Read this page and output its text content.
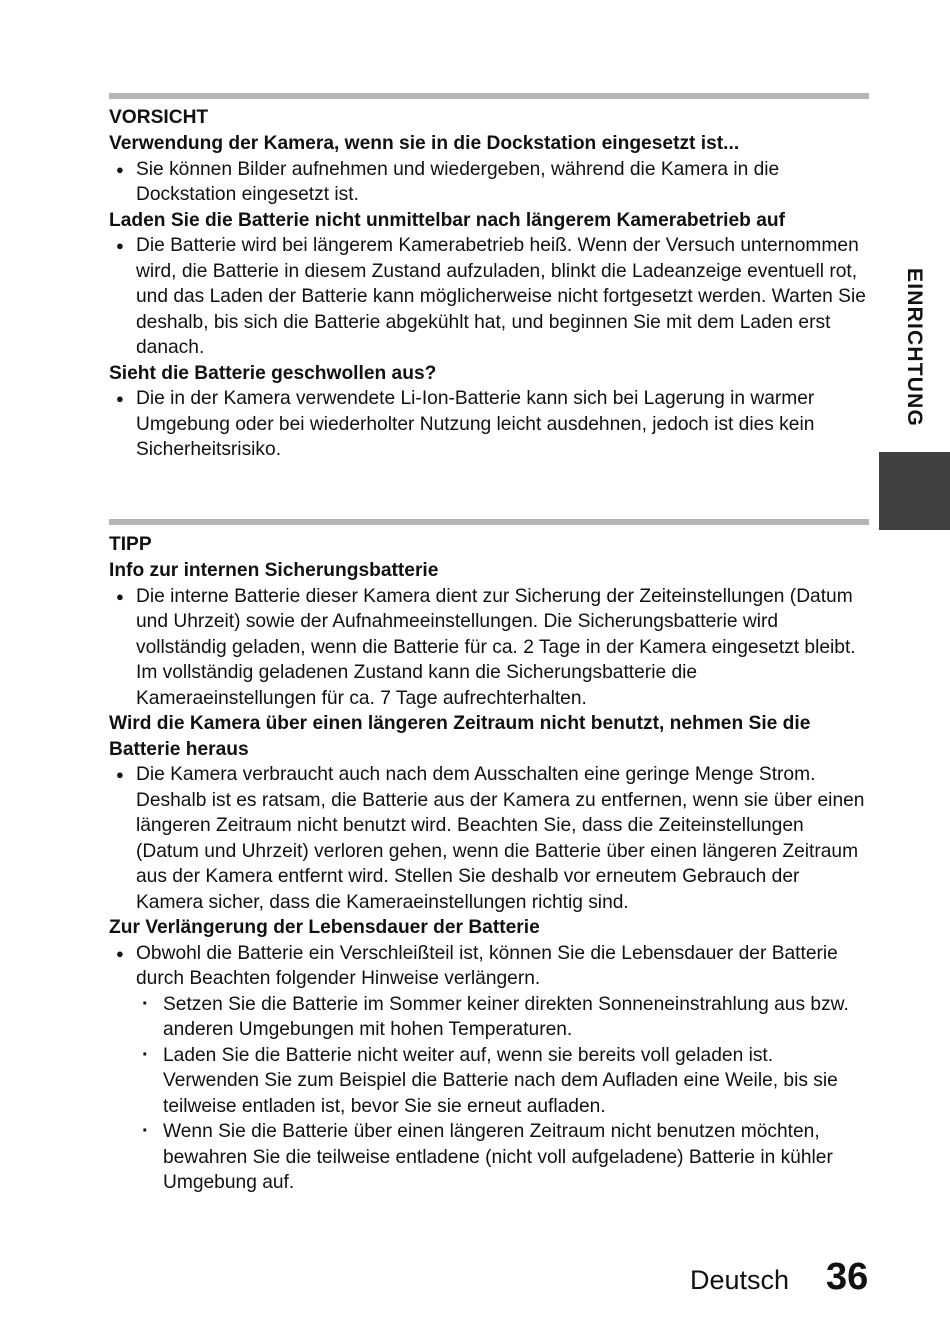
VORSICHT
Verwendung der Kamera, wenn sie in die Dockstation eingesetzt ist...
● Sie können Bilder aufnehmen und wiedergeben, während die Kamera in die Dockstation eingesetzt ist.
Laden Sie die Batterie nicht unmittelbar nach längerem Kamerabetrieb auf
● Die Batterie wird bei längerem Kamerabetrieb heiß. Wenn der Versuch unternommen wird, die Batterie in diesem Zustand aufzuladen, blinkt die Ladeanzeige eventuell rot, und das Laden der Batterie kann möglicherweise nicht fortgesetzt werden. Warten Sie deshalb, bis sich die Batterie abgekühlt hat, und beginnen Sie mit dem Laden erst danach.
Sieht die Batterie geschwollen aus?
● Die in der Kamera verwendete Li-Ion-Batterie kann sich bei Lagerung in warmer Umgebung oder bei wiederholter Nutzung leicht ausdehnen, jedoch ist dies kein Sicherheitsrisiko.
TIPP
Info zur internen Sicherungsbatterie
● Die interne Batterie dieser Kamera dient zur Sicherung der Zeiteinstellungen (Datum und Uhrzeit) sowie der Aufnahmeeinstellungen. Die Sicherungsbatterie wird vollständig geladen, wenn die Batterie für ca. 2 Tage in der Kamera eingesetzt bleibt. Im vollständig geladenen Zustand kann die Sicherungsbatterie die Kameraeinstellungen für ca. 7 Tage aufrechterhalten.
Wird die Kamera über einen längeren Zeitraum nicht benutzt, nehmen Sie die Batterie heraus
● Die Kamera verbraucht auch nach dem Ausschalten eine geringe Menge Strom. Deshalb ist es ratsam, die Batterie aus der Kamera zu entfernen, wenn sie über einen längeren Zeitraum nicht benutzt wird. Beachten Sie, dass die Zeiteinstellungen (Datum und Uhrzeit) verloren gehen, wenn die Batterie über einen längeren Zeitraum aus der Kamera entfernt wird. Stellen Sie deshalb vor erneutem Gebrauch der Kamera sicher, dass die Kameraeinstellungen richtig sind.
Zur Verlängerung der Lebensdauer der Batterie
● Obwohl die Batterie ein Verschleißteil ist, können Sie die Lebensdauer der Batterie durch Beachten folgender Hinweise verlängern.
· Setzen Sie die Batterie im Sommer keiner direkten Sonneneinstrahlung aus bzw. anderen Umgebungen mit hohen Temperaturen.
· Laden Sie die Batterie nicht weiter auf, wenn sie bereits voll geladen ist. Verwenden Sie zum Beispiel die Batterie nach dem Aufladen eine Weile, bis sie teilweise entladen ist, bevor Sie sie erneut aufladen.
· Wenn Sie die Batterie über einen längeren Zeitraum nicht benutzen möchten, bewahren Sie die teilweise entladene (nicht voll aufgeladene) Batterie in kühler Umgebung auf.
EINRICHTUNG
Deutsch 36
